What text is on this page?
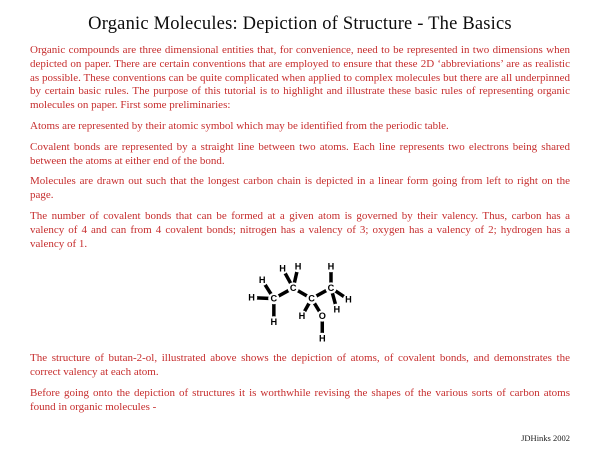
Organic Molecules: Depiction of Structure - The Basics

Organic compounds are three dimensional entities that, for convenience, need to be represented in two dimensions when depicted on paper. There are certain conventions that are employed to ensure that these 2D ‘abbreviations’ are as realistic as possible. These conventions can be quite complicated when applied to complex molecules but there are all underpinned by certain basic rules. The purpose of this tutorial is to highlight and illustrate these basic rules of representing organic molecules on paper. First some preliminaries:

Atoms are represented by their atomic symbol which may be identified from the periodic table.

Covalent bonds are represented by a straight line between two atoms. Each line represents two electrons being shared between the atoms at either end of the bond.

Molecules are drawn out such that the longest carbon chain is depicted in a linear form going from left to right on the page.

The number of covalent bonds that can be formed at a given atom is governed by their valency. Thus, carbon has a valency of 4 and can from 4 covalent bonds; nitrogen has a valency of 3; oxygen has a valency of 2; hydrogen has a valency of 1.

C
C
C
C
O
H
H
H
H H
H
H
H
H
H

The structure of butan-2-ol, illustrated above shows the depiction of atoms, of covalent bonds, and demonstrates the correct valency at each atom.

Before going onto the depiction of structures it is worthwhile revising the shapes of the various sorts of carbon atoms found in organic molecules -

JDHinks 2002
